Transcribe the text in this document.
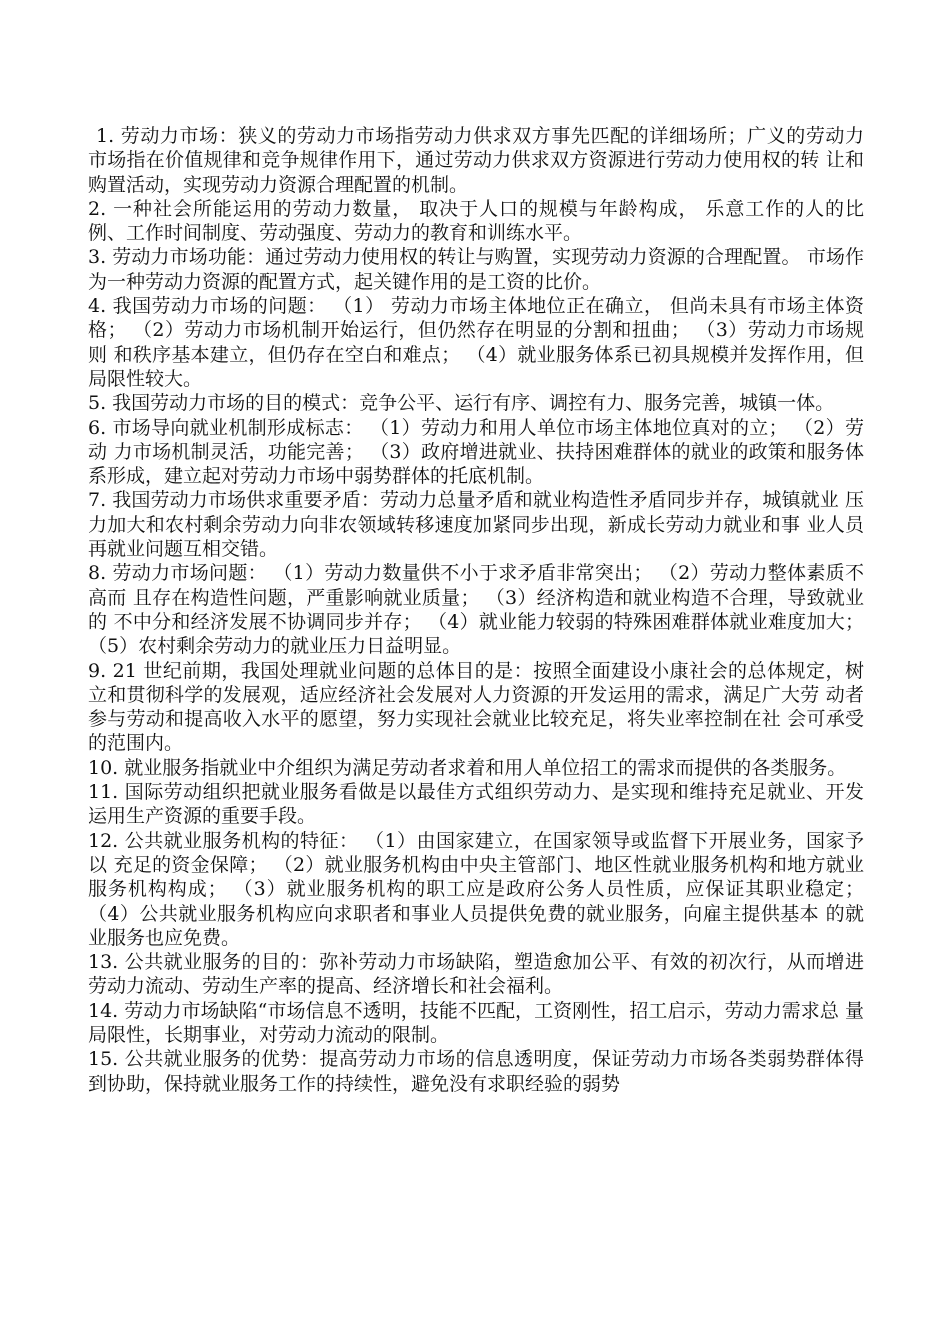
1. 劳动力市场：狭义的劳动力市场指劳动力供求双方事先匹配的详细场所；广义的劳动力 市场指在价值规律和竞争规律作用下，通过劳动力供求双方资源进行劳动力使用权的转 让和购置活动，实现劳动力资源合理配置的机制。

2. 一种社会所能运用的劳动力数量， 取决于人口的规模与年龄构成， 乐意工作的人的比例、工作时间制度、劳动强度、劳动力的教育和训练水平。

3. 劳动力市场功能：通过劳动力使用权的转让与购置，实现劳动力资源的合理配置。 市场作为一种劳动力资源的配置方式，起关键作用的是工资的比价。

4. 我国劳动力市场的问题： （1） 劳动力市场主体地位正在确立， 但尚未具有市场主体资格； （2）劳动力市场机制开始运行，但仍然存在明显的分割和扭曲； （3）劳动力市场规则 和秩序基本建立，但仍存在空白和难点； （4）就业服务体系已初具规模并发挥作用，但 局限性较大。

5. 我国劳动力市场的目的模式：竞争公平、运行有序、调控有力、服务完善，城镇一体。

6. 市场导向就业机制形成标志： （1）劳动力和用人单位市场主体地位真对的立； （2）劳动 力市场机制灵活，功能完善； （3）政府增进就业、扶持困难群体的就业的政策和服务体 系形成，建立起对劳动力市场中弱势群体的托底机制。

7. 我国劳动力市场供求重要矛盾：劳动力总量矛盾和就业构造性矛盾同步并存，城镇就业 压力加大和农村剩余劳动力向非农领域转移速度加紧同步出现，新成长劳动力就业和事 业人员再就业问题互相交错。

8. 劳动力市场问题： （1）劳动力数量供不小于求矛盾非常突出； （2）劳动力整体素质不高而 且存在构造性问题，严重影响就业质量； （3）经济构造和就业构造不合理，导致就业的 不中分和经济发展不协调同步并存； （4）就业能力较弱的特殊困难群体就业难度加大； （5）农村剩余劳动力的就业压力日益明显。

9. 21 世纪前期，我国处理就业问题的总体目的是：按照全面建设小康社会的总体规定，树 立和贯彻科学的发展观，适应经济社会发展对人力资源的开发运用的需求，满足广大劳 动者参与劳动和提高收入水平的愿望，努力实现社会就业比较充足，将失业率控制在社 会可承受的范围内。

10. 就业服务指就业中介组织为满足劳动者求着和用人单位招工的需求而提供的各类服务。

11. 国际劳动组织把就业服务看做是以最佳方式组织劳动力、是实现和维持充足就业、开发 运用生产资源的重要手段。

12. 公共就业服务机构的特征： （1）由国家建立，在国家领导或监督下开展业务，国家予以 充足的资金保障； （2）就业服务机构由中央主管部门、地区性就业服务机构和地方就业 服务机构构成； （3）就业服务机构的职工应是政府公务人员性质，应保证其职业稳定； （4）公共就业服务机构应向求职者和事业人员提供免费的就业服务，向雇主提供基本 的就业服务也应免费。

13. 公共就业服务的目的：弥补劳动力市场缺陷，塑造愈加公平、有效的初次行，从而增进 劳动力流动、劳动生产率的提高、经济增长和社会福利。

14. 劳动力市场缺陷“市场信息不透明，技能不匹配，工资刚性，招工启示，劳动力需求总 量局限性，长期事业，对劳动力流动的限制。

15. 公共就业服务的优势：提高劳动力市场的信息透明度，保证劳动力市场各类弱势群体得 到协助，保持就业服务工作的持续性，避免没有求职经验的弱势
